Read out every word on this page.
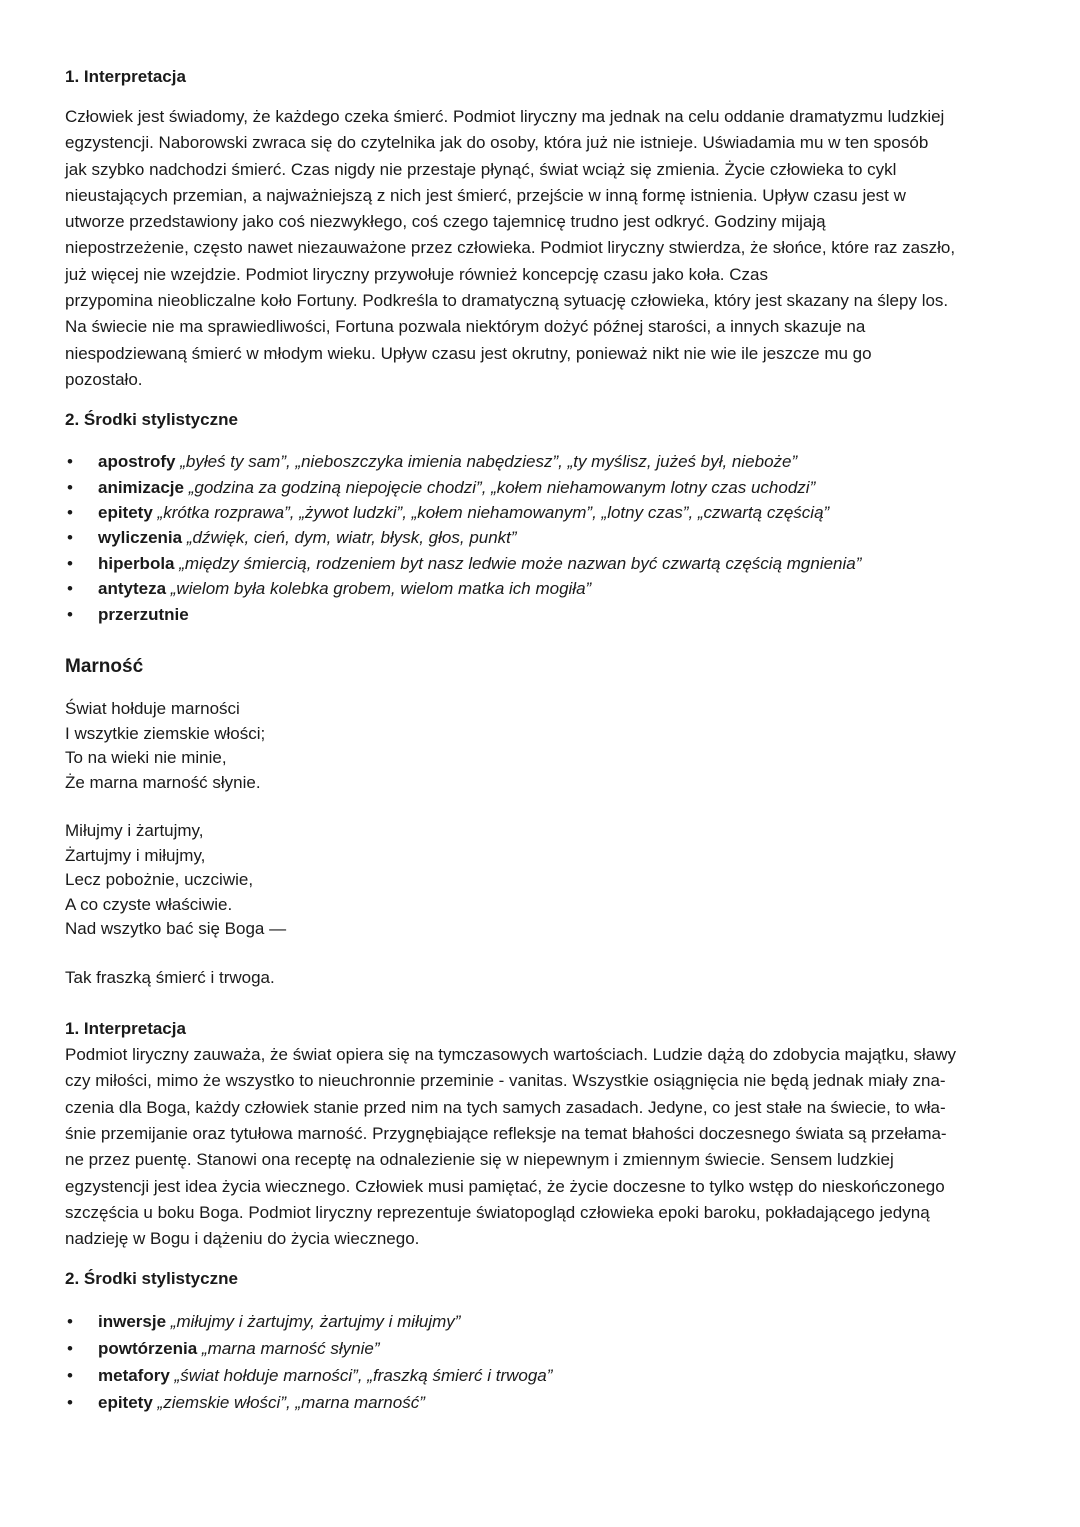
1. Interpretacja

Człowiek jest świadomy, że każdego czeka śmierć. Podmiot liryczny ma jednak na celu oddanie dramatyzmu ludzkiej
egzystencji. Naborowski zwraca się do czytelnika jak do osoby, która już nie istnieje. Uświadamia mu w ten sposób
jak szybko nadchodzi śmierć. Czas nigdy nie przestaje płynąć, świat wciąż się zmienia. Życie człowieka to cykl
nieustających przemian, a najważniejszą z nich jest śmierć, przejście w inną formę istnienia. Upływ czasu jest w
utworze przedstawiony jako coś niezwykłego, coś czego tajemnicę trudno jest odkryć. Godziny mijają
niepostrzeżenie, często nawet niezauważone przez człowieka. Podmiot liryczny stwierdza, że słońce, które raz zaszło,
już więcej nie wzejdzie. Podmiot liryczny przywołuje również koncepcję czasu jako koła. Czas
przypomina nieobliczalne koło Fortuny. Podkreśla to dramatyczną sytuację człowieka, który jest skazany na ślepy los.
Na świecie nie ma sprawiedliwości, Fortuna pozwala niektórym dożyć późnej starości, a innych skazuje na
niespodziewaną śmierć w młodym wieku. Upływ czasu jest okrutny, ponieważ nikt nie wie ile jeszcze mu go
pozostało.

2. Środki stylistyczne
• apostrofy „byłeś ty sam”, „nieboszczyka imienia nabędziesz”, „ty myślisz, jużeś był, nieboże”
• animizacje „godzina za godziną niepojęcie chodzi”, „kołem niehamowanym lotny czas uchodzi”
• epitety „krótka rozprawa”, „żywot ludzki”, „kołem niehamowanym”, „lotny czas”, „czwartą częścią”
• wyliczenia „dźwięk, cień, dym, wiatr, błysk, głos, punkt”
• hiperbola „między śmiercią, rodzeniem byt nasz ledwie może nazwan być czwartą częścią mgnienia”
• antyteza „wielom była kolebka grobem, wielom matka ich mogiła”
• przerzutnie
Marność
Świat hołduje marności
I wszytkie ziemskie włości;
To na wieki nie minie,
Że marna marność słynie.
Miłujmy i żartujmy,
Żartujmy i miłujmy,
Lecz pobożnie, uczciwie,
A co czyste właściwie.
Nad wszytko bać się Boga —
Tak fraszką śmierć i trwoga.
1. Interpretacja

Podmiot liryczny zauważa, że świat opiera się na tymczasowych wartościach. Ludzie dążą do zdobycia majątku, sławy
czy miłości, mimo że wszystko to nieuchronnie przeminie - vanitas. Wszystkie osiągnięcia nie będą jednak miały zna-
czenia dla Boga, każdy człowiek stanie przed nim na tych samych zasadach. Jedyne, co jest stałe na świecie, to wła-
śnie przemijanie oraz tytułowa marność. Przygnębiające refleksje na temat błahości doczesnego świata są przełama-
ne przez puentę. Stanowi ona receptę na odnalezienie się w niepewnym i zmiennym świecie. Sensem ludzkiej
egzystencji jest idea życia wiecznego. Człowiek musi pamiętać, że życie doczesne to tylko wstęp do nieskończonego
szczęścia u boku Boga. Podmiot liryczny reprezentuje światopogląd człowieka epoki baroku, pokładającego jedyną
nadzieję w Bogu i dążeniu do życia wiecznego.

2. Środki stylistyczne
• inwersje „miłujmy i żartujmy, żartujmy i miłujmy”
• powtórzenia „marna marność słynie”
• metafory „świat hołduje marności”, „fraszką śmierć i trwoga”
• epitety „ziemskie włości”, „marna marność”
